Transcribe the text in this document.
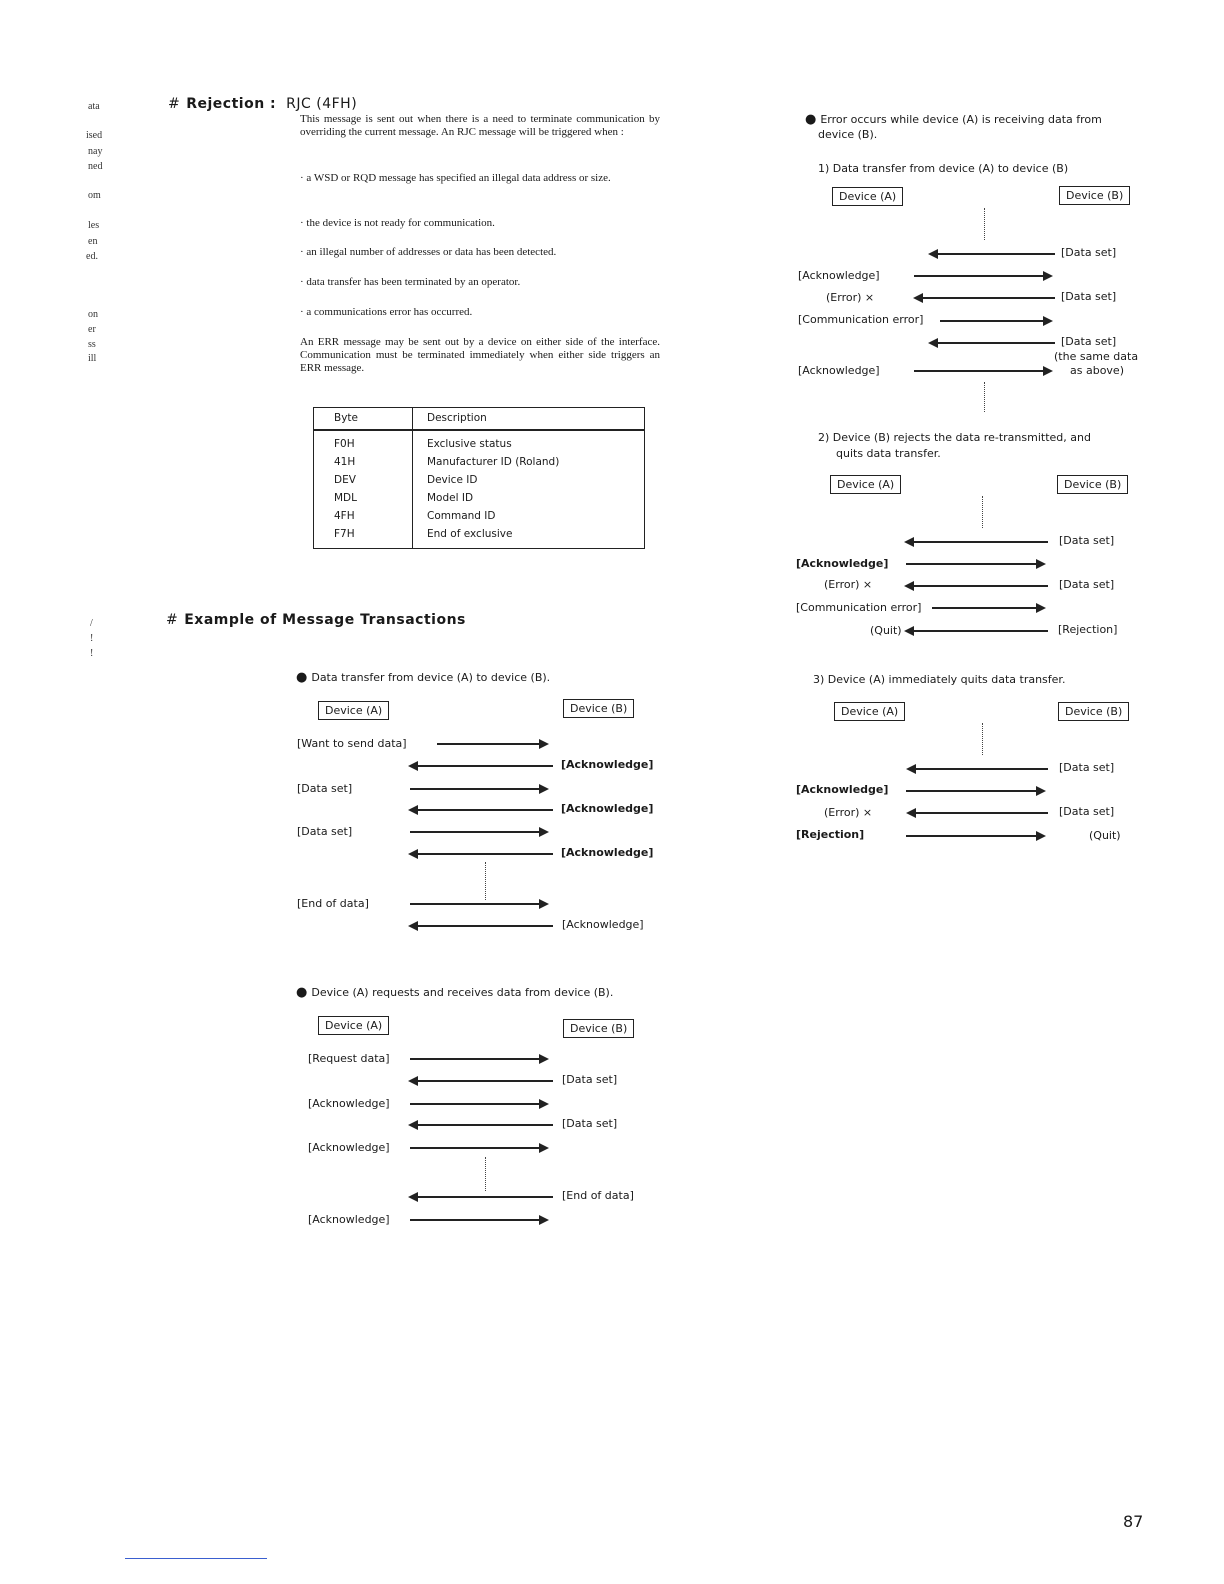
ata
ised
nay
ned
om
les
en
ed.
on
er
ss
ill
/
!
!
# Rejection : RJC (4FH)
This message is sent out when there is a need to terminate communication by overriding the current message. An RJC message will be triggered when :
· a WSD or RQD message has specified an illegal data address or size.
· the device is not ready for communication.
· an illegal number of addresses or data has been detected.
· data transfer has been terminated by an operator.
· a communications error has occurred.
An ERR message may be sent out by a device on either side of the interface. Communication must be terminated immediately when either side triggers an ERR message.
Byte	Description
F0H	Exclusive status
41H	Manufacturer ID (Roland)
DEV	Device ID
MDL	Model ID
4FH	Command ID
F7H	End of exclusive
# Example of Message Transactions
● Data transfer from device (A) to device (B).
Device (A)	Device (B)
[Want to send data]
[Acknowledge]
[Data set]
[Acknowledge]
[Data set]
[Acknowledge]
[End of data]
[Acknowledge]
● Device (A) requests and receives data from device (B).
Device (A)	Device (B)
[Request data]
[Data set]
[Acknowledge]
[Data set]
[Acknowledge]
[End of data]
[Acknowledge]
● Error occurs while device (A) is receiving data from
device (B).
1) Data transfer from device (A) to device (B)
Device (A)	Device (B)
[Data set]
[Acknowledge]
(Error) ×	[Data set]
[Communication error]
[Data set]
(the same data
[Acknowledge]	as above)
2) Device (B) rejects the data re-transmitted, and
quits data transfer.
Device (A)	Device (B)
[Data set]
[Acknowledge]
(Error) ×	[Data set]
[Communication error]
(Quit)	[Rejection]
3) Device (A) immediately quits data transfer.
Device (A)	Device (B)
[Data set]
[Acknowledge]
(Error) ×	[Data set]
[Rejection]	(Quit)
87
